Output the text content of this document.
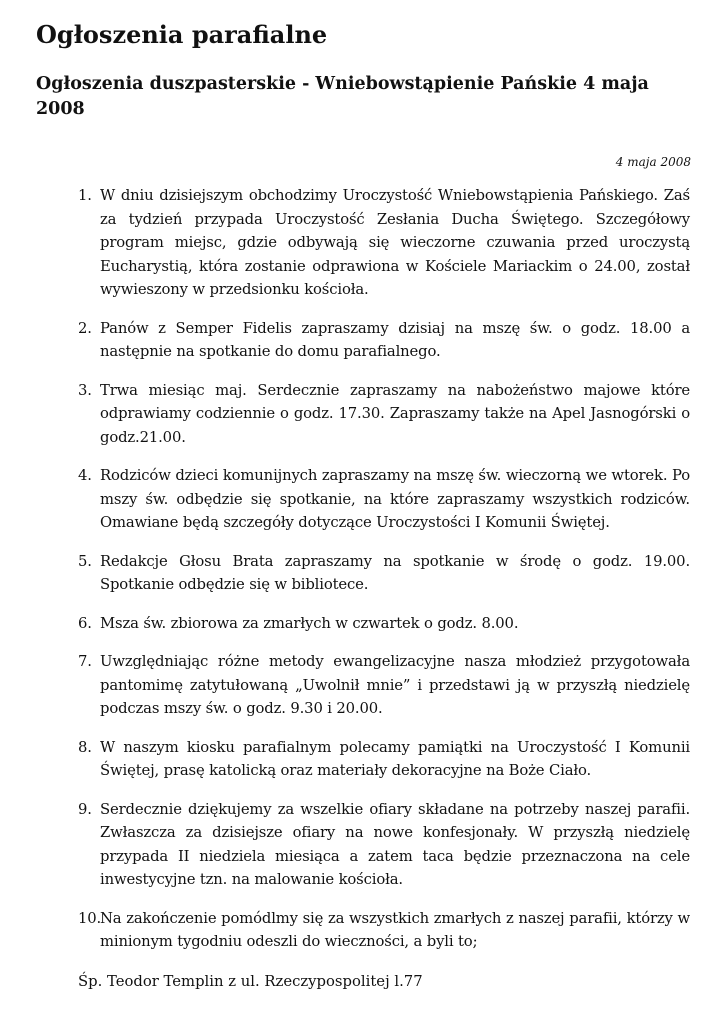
Ogłoszenia parafialne
Ogłoszenia duszpasterskie - Wniebowstąpienie Pańskie 4 maja 2008
4 maja 2008
1. W dniu dzisiejszym obchodzimy Uroczystość Wniebowstąpienia Pańskiego. Zaś za tydzień przypada Uroczystość Zesłania Ducha Świętego. Szczegółowy program miejsc, gdzie odbywają się wieczorne czuwania przed uroczystą Eucharystią, która zostanie odprawiona w Kościele Mariackim o 24.00, został wywieszony w przedsionku kościoła.
2. Panów z Semper Fidelis zapraszamy dzisiaj na mszę św. o godz. 18.00 a następnie na spotkanie do domu parafialnego.
3. Trwa miesiąc maj. Serdecznie zapraszamy na nabożeństwo majowe które odprawiamy codziennie o godz. 17.30. Zapraszamy także na Apel Jasnogórski o godz.21.00.
4. Rodziców dzieci komunijnych zapraszamy na mszę św. wieczorną we wtorek. Po mszy św. odbędzie się spotkanie, na które zapraszamy wszystkich rodziców. Omawiane będą szczegóły dotyczące Uroczystości I Komunii Świętej.
5. Redakcje Głosu Brata zapraszamy na spotkanie w środę o godz. 19.00. Spotkanie odbędzie się w bibliotece.
6. Msza św. zbiorowa za zmarłych w czwartek o godz. 8.00.
7. Uwzględniając różne metody ewangelizacyjne nasza młodzież przygotowała pantomimę zatytułowaną „Uwolnił mnie” i przedstawi ją w przyszłą niedzielę podczas mszy św. o godz. 9.30 i 20.00.
8. W naszym kiosku parafialnym polecamy pamiątki na Uroczystość I Komunii Świętej, prasę katolicką oraz materiały dekoracyjne na Boże Ciało.
9. Serdecznie dziękujemy za wszelkie ofiary składane na potrzeby naszej parafii. Zwłaszcza za dzisiejsze ofiary na nowe konfesjonały. W przyszłą niedzielę przypada II niedziela miesiąca a zatem taca będzie przeznaczona na cele inwestycyjne tzn. na malowanie kościoła.
10.
Na zakończenie pomódlmy się za wszystkich zmarłych z naszej parafii, którzy w minionym tygodniu odeszli do wieczności, a byli to;
Śp. Teodor Templin z ul. Rzeczypospolitej l.77
